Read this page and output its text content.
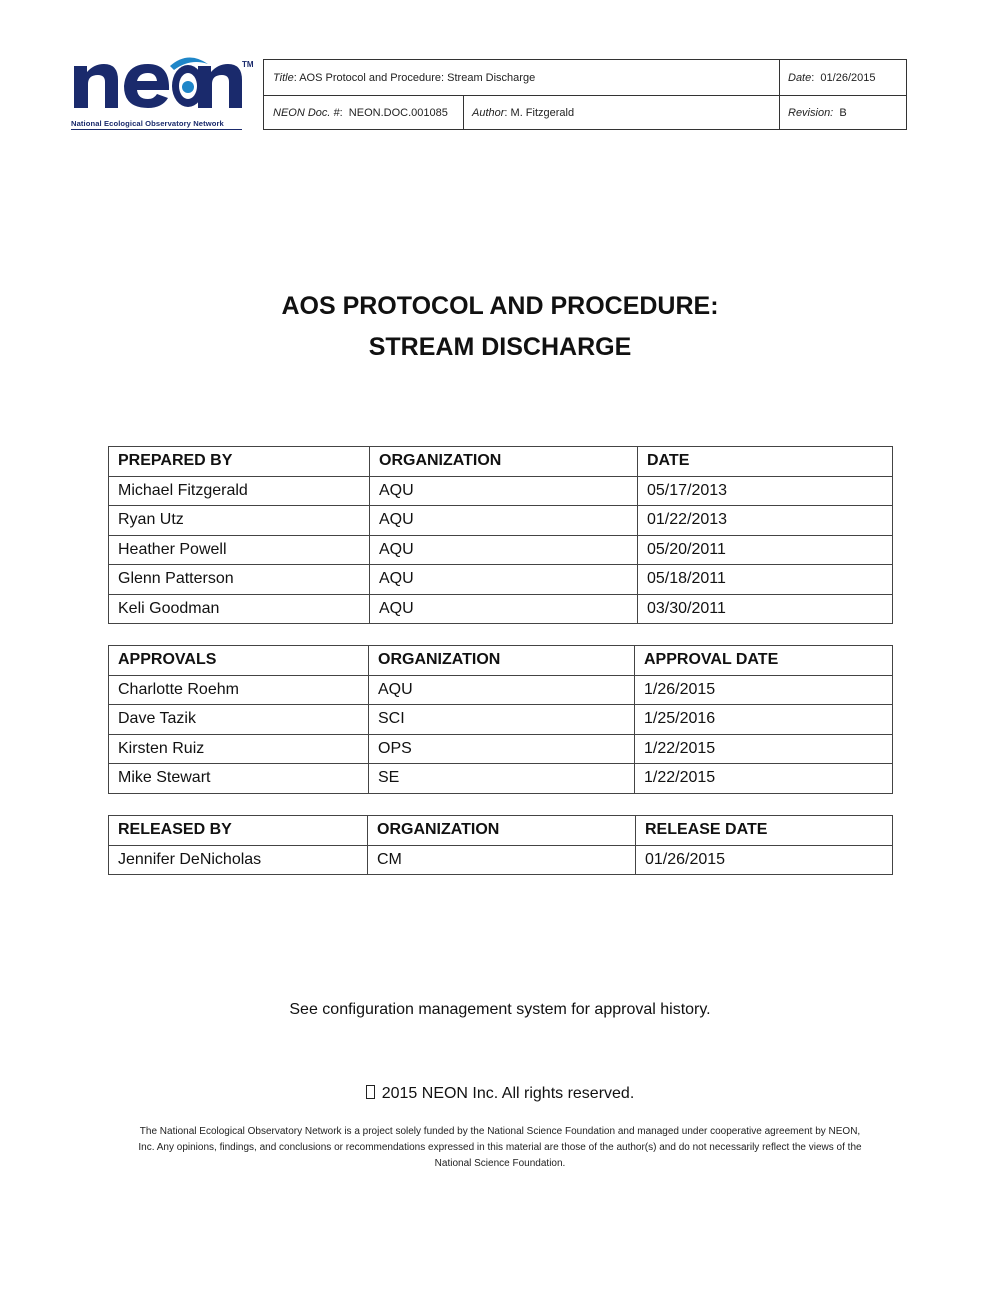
TM
National Ecological Observatory Network
Title : AOS Protocol and Procedure: Stream Discharge	Date :  01/26/2015
NEON Doc. # :  NEON.DOC.001085 Author : M. Fitzgerald	Revision: B
AOS PROTOCOL AND PROCEDURE:
STREAM DISCHARGE
PREPARED BY	ORGANIZATION	DATE
Michael Fitzgerald	AQU	05/17/2013
Ryan Utz	AQU	01/22/2013
Heather Powell	AQU	05/20/2011
Glenn Patterson	AQU	05/18/2011
Keli Goodman	AQU	03/30/2011
APPROVALS	ORGANIZATION	APPROVAL DATE
Charlotte Roehm	AQU	1/26/2015
Dave Tazik	SCI	1/25/2016
Kirsten Ruiz	OPS	1/22/2015
Mike Stewart	SE	1/22/2015
RELEASED BY	ORGANIZATION	RELEASE DATE
Jennifer DeNicholas	CM	01/26/2015
See configuration management system for approval history.
2015 NEON Inc. All rights reserved.
The National Ecological Observatory Network is a project solely funded by the National Science Foundation and managed under cooperative agreement by NEON,
Inc. Any opinions, findings, and conclusions or recommendations expressed in this material are those of the author(s) and do not necessarily reflect the views of the
National Science Foundation.
